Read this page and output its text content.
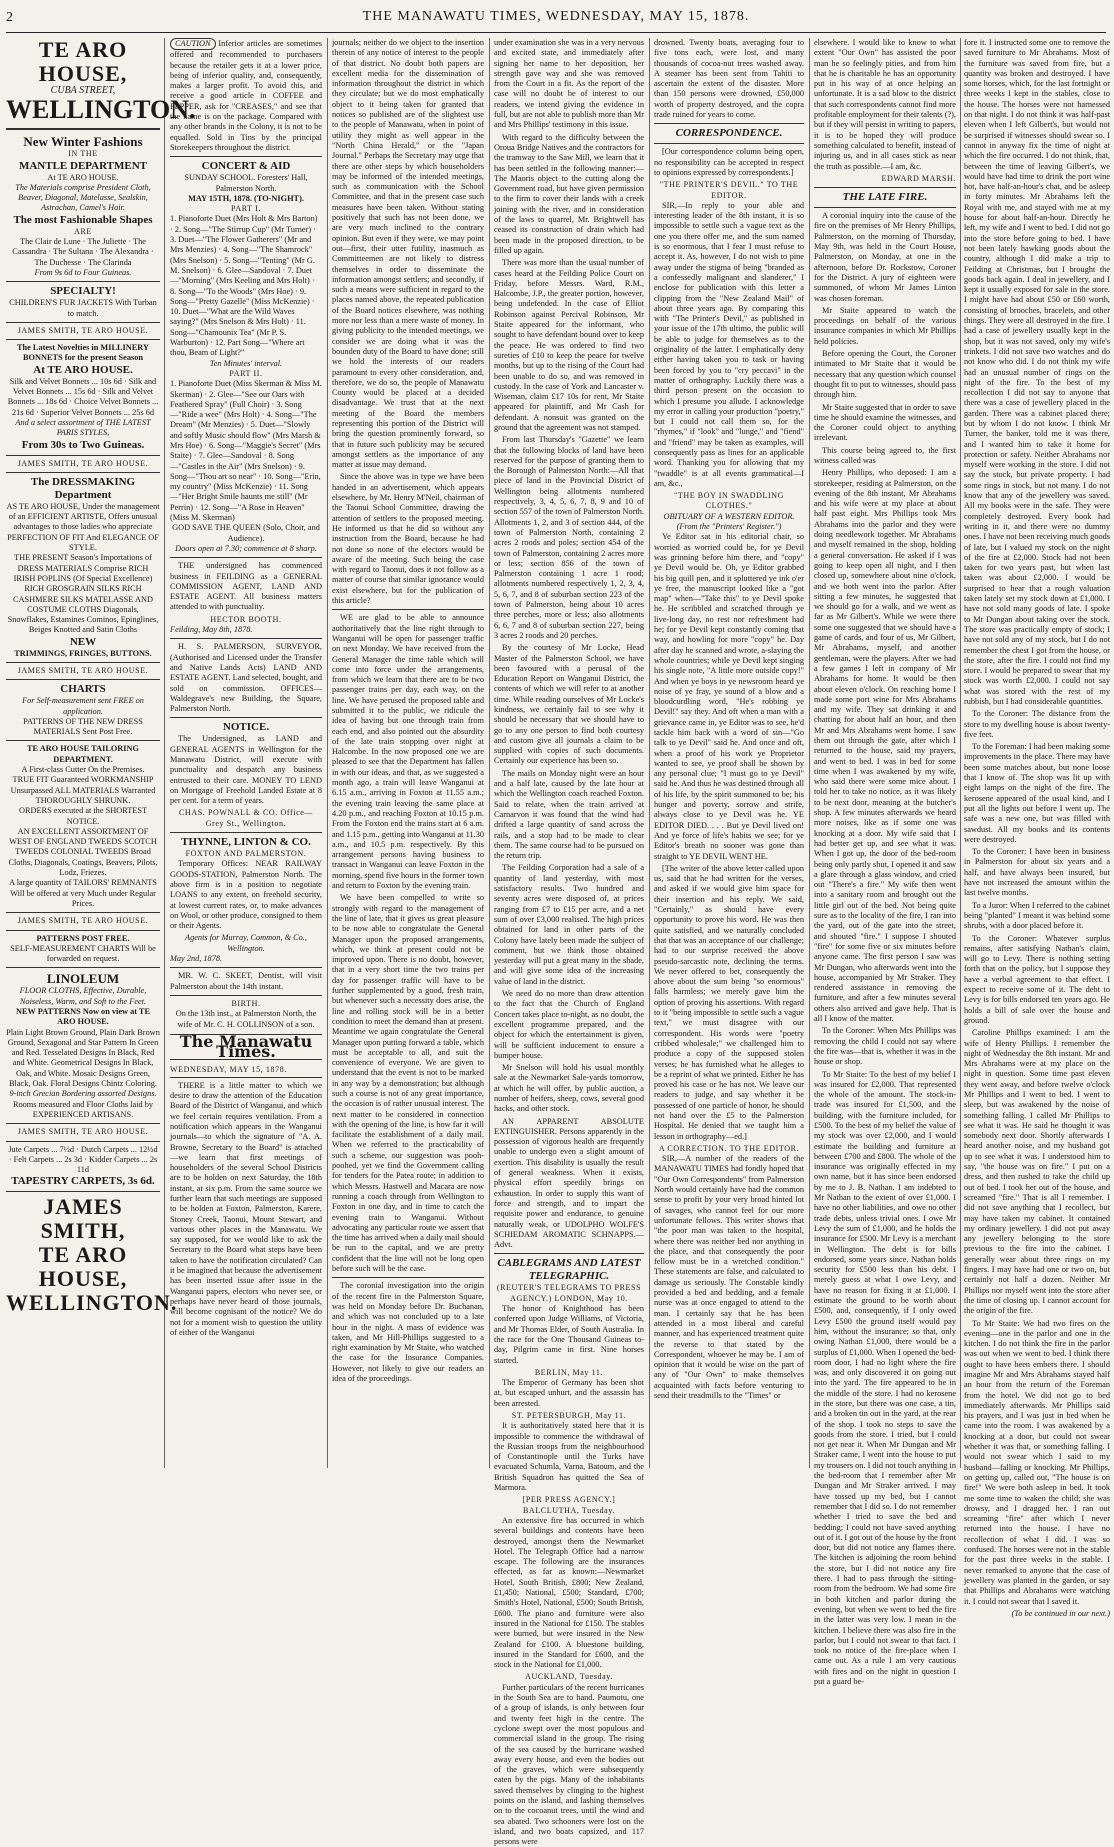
2	THE MANAWATU TIMES, WEDNESDAY, MAY 15, 1878.
TE ARO HOUSE,
CUBA STREET,
WELLINGTON.
New Winter Fashions
IN THE
MANTLE DEPARTMENT
At TE ARO HOUSE.
The Materials comprise President Cloth, Beaver, Diagonal, Matelasse, Sealskin, Astrachan, Camel's Hair.
The most Fashionable Shapes
ARE
The Clair de Lune · The Juliette · The Cassandra · The Sultana · The Alexandra · The Duchesse · The Clarinda
From 9s 6d to Four Guineas.
SPECIALTY!
CHILDREN'S FUR JACKETS With Turban to match.
JAMES SMITH, TE ARO HOUSE.
The Latest Novelties in MILLINERY BONNETS for the present Season
At TE ARO HOUSE.
Silk and Velvet Bonnets ... 10s 6d · Silk and Velvet Bonnets ... 15s 6d · Silk and Velvet Bonnets ... 18s 6d · Choice Velvet Bonnets ... 21s 6d · Superior Velvet Bonnets ... 25s 6d
And a select assortment of THE LATEST PARIS STYLES,
From 30s to Two Guineas.
JAMES SMITH, TE ARO HOUSE.
The DRESSMAKING Department
AS TE ARO HOUSE, Under the management of an EFFICIENT ARTISTE, Offers unusual advantages to those ladies who appreciate PERFECTION OF FIT And ELEGANCE OF STYLE.
THE PRESENT Season's Importations of DRESS MATERIALS Comprise RICH IRISH POPLINS (Of Special Excellence) RICH GROSGRAIN SILKS RICH CASHMERE SILKS MATELASSE AND COSTUME CLOTHS Diagonals, Snowflakes, Estamines Cominos, Epinglines, Beiges Knotted and Satin Cloths
NEW
TRIMMINGS, FRINGES, BUTTONS.
JAMES SMITH, TE ARO HOUSE.
CHARTS
For Self-measurement sent FREE on application.
PATTERNS OF THE NEW DRESS MATERIALS Sent Post Free.
TE ARO HOUSE TAILORING DEPARTMENT.
A First-class Cutter On the Premises.
TRUE FIT Guaranteed WORKMANSHIP Unsurpassed ALL MATERIALS Warranted THOROUGHLY SHRUNK.
ORDERS executed at the SHORTEST NOTICE.
AN EXCELLENT ASSORTMENT OF WEST OF ENGLAND TWEEDS SCOTCH TWEEDS COLONIAL TWEEDS Broad Cloths, Diagonals, Coatings, Beavers, Pilots, Lodz, Friezes.
A large quantity of TAILORS' REMNANTS Will be offered at very Much under Regular Prices.
JAMES SMITH, TE ARO HOUSE.
PATTERNS POST FREE.
SELF-MEASUREMENT CHARTS Will be forwarded on request.
LINOLEUM
FLOOR CLOTHS, Effective, Durable, Noiseless, Warm, and Soft to the Feet.
NEW PATTERNS Now on view at TE ARO HOUSE.
Plain Light Brown Ground, Plain Dark Brown Ground, Sexagonal and Star Pattern In Green and Red. Tesselated Designs In Black, Red and White. Geometrical Designs In Black, Oak, and White. Mosaic Designs Green, Black, Oak. Floral Designs Chintz Coloring.
9-inch Grecian Bordering assorted Designs.
Rooms measured and Floor Cloths laid by EXPERIENCED ARTISANS.
JAMES SMITH, TE ARO HOUSE.
Jute Carpets ... 7½d · Dutch Carpets ... 12½d · Felt Carpets ... 2s 3d · Kidder Carpets ... 2s 11d
TAPESTRY CARPETS, 3s 6d.
JAMES SMITH,
TE ARO HOUSE,
WELLINGTON.

CAUTION Inferior articles are sometimes offered and recommended to purchasers because the retailer gets it at a lower price, being of inferior quality, and, consequently, makes a larger profit. To avoid this, and receive a good article in COFFEE and PEPPER, ask for "CREASES," and see that the name is on the package. Compared with any other brands in the Colony, it is not to be equalled. Sold in Tins by the principal Storekeepers throughout the district.

CONCERT & AID
SUNDAY SCHOOL. Foresters' Hall, Palmerston North.
MAY 15TH, 1878. (TO-NIGHT).
PART I.
1. Pianoforte Duet (Mrs Holt & Mrs Barton) · 2. Song—"The Stirrup Cup" (Mr Turner) · 3. Duet—"The Flower Gatherers" (Mr and Mrs Menzies) · 4. Song—"The Shamrock" (Mrs Snelson) · 5. Song—"Tenting" (Mr G. M. Snelson) · 6. Glee—Sandoval · 7. Duet—"Morning" (Mrs Keeling and Mrs Holt) · 8. Song—"To the Woods" (Mrs Hoe) · 9. Song—"Pretty Gazelle" (Miss McKenzie) · 10. Duet—"What are the Wild Waves saying?" (Mrs Snelson & Mrs Holt) · 11. Song—"Chamounix Tea" (Mr P. S. Warburton) · 12. Part Song—"Where art thou, Beam of Light?"
Ten Minutes' interval.
PART II.
1. Pianoforte Duet (Miss Skerman & Miss M. Skerman) · 2. Glee—"See our Oars with Feathered Spray" (Full Choir) · 3. Song—"Ride a wee" (Mrs Holt) · 4. Song—"The Dream" (Mr Menzies) · 5. Duet—"Slowly and softly Music should flow" (Mrs Marsh & Mrs Hoe) · 6. Song—"Maggie's Secret" (Mrs Staite) · 7. Glee—Sandoval · 8. Song—"Castles in the Air" (Mrs Snelson) · 9. Song—"Thou art so near" · 10. Song—"Erin, my country" (Miss McKenzie) · 11. Song—"Her Bright Smile haunts me still" (Mr Perrin) · 12. Song—"A Rose in Heaven" (Miss M. Skerman)
GOD SAVE THE QUEEN (Solo, Choir, and Audience).
Doors open at 7.30; commence at 8 sharp.

THE undersigned has commenced business in FEILDING as a GENERAL COMMISSION AGENT, LAND AND ESTATE AGENT. All business matters attended to with punctuality.

HECTOR BOOTH.
Feilding, May 8th, 1878.

H. S. PALMERSON, SURVEYOR, (Authorised and Licensed under the Transfer and Native Lands Acts) LAND AND ESTATE AGENT. Land selected, bought, and sold on commission. OFFICES—Waldegrave's new Building, the Square, Palmerston North.

NOTICE.

The Undersigned, as LAND and GENERAL AGENTS in Wellington for the Manawatu District, will execute with punctuality and despatch any business entrusted to their care. MONEY TO LEND on Mortgage of Freehold Landed Estate at 8 per cent. for a term of years.

CHAS. POWNALL & CO. Office—Grey St., Wellington.
THYNNE, LINTON & CO.
FOXTON AND PALMERSTON.

Temporary Offices: NEAR RAILWAY GOODS-STATION, Palmerston North. The above firm is in a position to negotiate LOANS to any extent, on freehold security, at lowest current rates, or, to make advances on Wool, or other produce, consigned to them or their Agents.

Agents for Murray, Common, & Co., Wellington.
May 2nd, 1878.

MR. W. C. SKEET, Dentist, will visit Palmerston about the 14th instant.

BIRTH.
On the 13th inst., at Palmerston North, the wife of Mr. C. H. COLLINSON of a son.
The Manawatu Times.
WEDNESDAY, MAY 15, 1878.

THERE is a little matter to which we desire to draw the attention of the Education Board of the District of Wanganui, and which we feel certain requires ventilation. From a notification which appears in the Wanganui journals—to which the signature of "A. A. Browne, Secretary to the Board" is attached—we learn that first meetings of householders of the several School Districts are to be holden on next Saturday, the 18th instant, at six p.m. From the same source we further learn that such meetings are supposed to be holden at Foxton, Palmerston, Karere, Stoney Creek, Taonui, Mount Stewart, and various other places in the Manawatu. We say supposed, for we would like to ask the Secretary to the Board what steps have been taken to have the notification circulated? Can it be imagined that because the advertisement has been inserted issue after issue in the Wanganui papers, electors who never see, or perhaps have never heard of those journals, will become cognisant of the notice? We do not for a moment wish to question the utility of either of the Wanganui

journals; neither do we object to the insertion therein of any notice of interest to the people of that district. No doubt both papers are excellent media for the dissemination of information throughout the district in which they circulate; but we do most emphatically object to it being taken for granted that notices so published are of the slightest use to the people of Manawatu, when in point of utility they might as well appear in the "North China Herald," or the "Japan Journal." Perhaps the Secretary may urge that there are other steps by which householders may be informed of the intended meetings, such as communication with the School Committee, and that in the present case such measures have been taken. Without stating positively that such has not been done, we are very much inclined to the contrary opinion. But even if they were, we may point out—first, their utter futility, inasmuch as Committeemen are not likely to distress themselves in order to disseminate the information amongst settlers; and secondly, if such a means were sufficient in regard to the places named above, the repeated publication of the Board notices elsewhere, was nothing more nor less than a mere waste of money. In giving publicity to the intended meetings, we consider we are doing what it was the bounden duty of the Board to have done; still we hold the interests of our readers paramount to every other consideration, and, therefore, we do so, the people of Manawatu County would be placed at a decided disadvantage. We trust that at the next meeting of the Board the members representing this portion of the District will bring the question prominently forward, so that in future such publicity may be secured amongst settlers as the importance of any matter at issue may demand.

Since the above was in type we have been handed in an advertisement, which appears elsewhere, by Mr. Henry M'Neil, chairman of the Taonui School Committee, drawing the attention of settlers to the proposed meeting. He informed us that he did so without any instruction from the Board, because he had not done so none of the electors would be aware of the meeting. Such being the case with regard to Taonui, does it not follow as a matter of course that similar ignorance would exist elsewhere, but for the publication of this article?

WE are glad to be able to announce authoritatively that the line right through to Wanganui will be open for passenger traffic on next Monday. We have received from the General Manager the time table which will come into force under the arrangements, from which we learn that there are to be two passenger trains per day, each way, on the line. We have perused the proposed table and submitted it to the public, we ridicule the idea of having but one through train from each end, and also pointed out the absurdity of the late train stopping over night at Halcombe. In the now proposed one we are pleased to see that the Department has fallen in with our ideas, and that, as we suggested a month ago, a train will leave Wanganui at 6.15 a.m., arriving in Foxton at 11.55 a.m.; the evening train leaving the same place at 4.20 p.m., and reaching Foxton at 10.15 p.m. From the Foxton end the trains start at 6 a.m. and 1.15 p.m., getting into Wanganui at 11.30 a.m., and 10.5 p.m. respectively. By this arrangement persons having business to transact in Wanganui can leave Foxton in the morning, spend five hours in the former town and return to Foxton by the evening train.

We have been compelled to write so strongly with regard to the management of the line of late, that it gives us great pleasure to be now able to congratulate the General Manager upon the proposed arrangements, which, we think at present could not be improved upon. There is no doubt, however, that in a very short time the two trains per day for passenger traffic will have to be further supplemented by a good, fresh train, but whenever such a necessity does arise, the line and rolling stock will be in a better condition to meet the demand than at present. Meantime we again congratulate the General Manager upon putting forward a table, which must be acceptable to all, and suit the convenience of everyone. We are given to understand that the event is not to be marked in any way by a demonstration; but although such a course is not of any great importance, the occasion is of rather unusual interest. The next matter to be considered in connection with the opening of the line, is how far it will facilitate the establishment of a daily mail. When we referred to the practicability of such a scheme, our suggestion was pooh-poohed, yet we find the Government calling for tenders for the Patea route; in addition to which Messrs. Hastwell and Macara are now running a coach through from Wellington to Foxton in one day, and in time to catch the evening train to Wanganui. Without advocating any particular route we assert that the time has arrived when a daily mail should be run to the capital, and we are pretty confident that the line will not be long open before such will be the case.

The coronial investigation into the origin of the recent fire in the Palmerston Square, was held on Monday before Dr. Buchanan, and which was not concluded up to a late hour in the night. A mass of evidence was taken, and Mr Hill-Phillips suggested to a right examination by Mr Staite, who watched the case for the Insurance Companies. However, not likely to give our readers an idea of the proceedings.

under examination she was in a very nervous and excited state, and immediately after signing her name to her deposition, her strength gave way and she was removed from the Court in a fit. As the report of the case will no doubt be of interest to our readers, we intend giving the evidence in full, but are not able to publish more than Mr and Mrs Phillips' testimony in this issue.

With regard to the difficulty between the Oroua Bridge Natives and the contractors for the tramway to the Saw Mill, we learn that it has been settled in the following manner:—The Maoris object to the cutting along the Government road, but have given permission to the firm to cover their lands with a creek joining with the river, and in consideration of the laws to quarrel, Mr. Brightwell has ceased its construction of drain which had been made in the proposed direction, to be filled up again.

There was more than the usual number of cases heard at the Feilding Police Court on Friday, before Messrs. Ward, R.M., Halcombe, J.P., the greater portion, however, being undefended. In the case of Elliot Robinson against Percival Robinson, Mr Staite appeared for the informant, who sought to have defendant bound over to keep the peace. He was ordered to find two sureties of £10 to keep the peace for twelve months, but up to the rising of the Court had been unable to do so, and was removed in custody. In the case of York and Lancaster v. Wiseman, claim £17 10s for rent, Mr Staite appeared for plaintiff, and Mr Cash for defendant. A nonsuit was granted on the ground that the agreement was not stamped.

From last Thursday's "Gazette" we learn that the following blocks of land have been reserved for the purpose of granting them to the Borough of Palmerston North:—All that piece of land in the Provincial District of Wellington being allotments numbered respectively, 3, 4, 5, 6, 7, 8, 9 and 10 of section 557 of the town of Palmerston North. Allotments 1, 2, and 3 of section 444, of the town of Palmerston North, containing 2 acres 2 roods and poles; section 454 of the town of Palmerston, containing 2 acres more or less; section 856 of the town of Palmerston containing 1 acre 1 rood; allotments numbered respectively 1, 2, 3, 4, 5, 6, 7, and 8 of suburban section 223 of the town of Palmerston, being about 10 acres three perches, more or less; also allotments 6, 6, 7 and 8 of suburban section 227, being 3 acres 2 roods and 20 perches.

By the courtesy of Mr Locke, Head Master of the Palmerston School, we have been favoured with a perusal of the Education Report on Wanganui District, the contents of which we will refer to at another time. While reading ourselves of Mr Locke's kindness, we certainly fail to see why it should be necessary that we should have to go to any one person to find both courtesy and custom give all journals a claim to be supplied with copies of such documents. Certainly our experience has been so.

The mails on Monday night were an hour and a half late, caused by the late hour at which the Wellington coach reached Foxton. Said to relate, when the train arrived at Carnarvon it was found that the wind had drifted a large quantity of sand across the rails, and a stop had to be made to clear them. The same course had to be pursued on the return trip.

The Feilding Corporation had a sale of a quantity of land yesterday, with most satisfactory results. Two hundred and seventy acres were disposed of, at prices ranging from £7 to £15 per acre, and a net sum of over £3,000 realised. The high prices obtained for land in other parts of the Colony have lately been made the subject of comment, but we think those obtained yesterday will put a great many in the shade, and will give some idea of the increasing value of land in the district.

We need do no more than draw attention to the fact that the Church of England Concert takes place to-night, as no doubt, the excellent programme prepared, and the object for which the entertainment is given, will be sufficient inducement to ensure a bumper house.

Mr Snelson will hold his usual monthly sale at the Newmarket Sale-yards tomorrow, at which he will offer, by public auction, a number of heifers, sheep, cows, several good hacks, and other stock.

AN APPARENT ABSOLUTE EXTINGUISHER. Persons apparently in the possession of vigorous health are frequently unable to undergo even a slight amount of exertion. This disability is usually the result of general weakness. When it exists, physical effort speedily brings on exhaustion. In order to supply this want of force and strength, and to impart the requisite power and endurance, to genuine naturally weak, or UDOLPHO WOLFE'S SCHIEDAM AROMATIC SCHNAPPS.—Advt.

CABLEGRAMS AND LATEST TELEGRAPHIC.
(REUTER'S TELEGRAMS TO PRESS AGENCY.) LONDON, May 10.

The honor of Knighthood has been conferred upon Judge Williams, of Victoria, and Mr Thomas Elder, of South Australia. In the race for the One Thousand Guineas to-day, Pilgrim came in first. Nine horses started.

BERLIN, May 11.

The Emperor of Germany has been shot at, but escaped unhurt, and the assassin has been arrested.

ST. PETERSBURGH, May 11.

It is authoritatively stated here that it is impossible to commence the withdrawal of the Russian troops from the neighbourhood of Constantinople until the Turks have evacuated Schumla, Varna, Batoum, and the British Squadron has quitted the Sea of Marmora.

[PER PRESS AGENCY.] BALCLUTHA, Tuesday.

An extensive fire has occurred in which several buildings and contents have been destroyed, amongst them the Newmarket Hotel. The Telegraph Office had a narrow escape. The following are the insurances effected, as far as known:—Newmarket Hotel, South British, £800; New Zealand, £1,450; National, £500; Standard, £700; Smith's Hotel, National, £500; South British, £600. The piano and furniture were also insured in the National for £150. The stables were burned, but were insured in the New Zealand for £100. A bluestone building, insured in the Standard for £600, and the stock in the National for £1,000.

AUCKLAND, Tuesday.

Further particulars of the recent hurricanes in the South Sea are to hand. Paumotu, one of a group of islands, is only between four and twenty feet high in the centre. The cyclone swept over the most populous and commercial island in the group. The rising of the sea caused by the hurricane washed away every house, and even the bodies out of the graves, which were subsequently eaten by the pigs. Many of the inhabitants saved themselves by clinging to the highest points on the island, and lashing themselves on to the cocoanut trees, until the wind and sea abated. Two schooners were lost on the island, and two boats capsized, and 117 persons were

drowned. Twenty boats, averaging four to five tons each, were lost, and many thousands of cocoa-nut trees washed away. A steamer has been sent from Tahiti to ascertain the extent of the disaster. More than 150 persons were drowned, £50,000 worth of property destroyed, and the copra trade ruined for years to come.

CORRESPONDENCE.

[Our correspondence column being open, no responsibility can be accepted in respect to opinions expressed by correspondents.]

"THE PRINTER'S DEVIL." TO THE EDITOR.

SIR,—In reply to your able and interesting leader of the 8th instant, it is so impossible to settle such a vague text as the one you there offer me, and the sum named is so enormous, that I fear I must refuse to accept it. As, however, I do not wish to pine away under the stigma of being "branded as a confessedly malignant and slanderer," I enclose for publication with this letter a clipping from the "New Zealand Mail" of about three years ago. By comparing this with "The Printer's Devil," as published in your issue of the 17th ultimo, the public will be able to judge for themselves as to the originality of the latter. I emphatically deny either having taken you to task or having been forced by you to "cry peccavi" in the matter of orthography. Luckily there was a third person present on the occasion to which I presume you allude. I acknowledge my error in calling your production "poetry," but I could not call them so, for the "rhymes," if "look" and "lunge," and "fiend" and "friend" may be taken as examples, will consequently pass as lines for an applicable word. Thanking you for allowing that my "twaddle" is at all events grammatical—I am, &c.,

"THE BOY IN SWADDLING CLOTHES."
OBITUARY OF A WESTERN EDITOR. (From the "Printers' Register.")

Ye Editor sat in his editorial chair, so worried as worried could be, for ye Devil was grinning before him there, and "copy" ye Devil would be. Oh, ye Editor grabbed his big quill pen, and it spluttered ye ink o'er ye free, the manuscript looked like a "got map" when—"Take this" to ye Devil spoke he. He scribbled and scratched through ye live-long day, no rest nor refreshment had he; for ye Devil kept constantly coming that way, and howling for more "copy" he. Day after day he scanned and wrote, a-slaying the whole countries; while ye Devil kept singing his single note, "A little more outside copy!" And when ye boys in ye newsroom heard ye noise of ye fray, ye sound of a blow and a bloodcurdling word, "He's robbing ye Devil!" say they. And oft when a man with a grievance came in, ye Editor was to see, he'd tackle him back with a word of sin—"Go talk to ye Devil" said he. And once and oft, when a proof of his work ye Proprietor wanted to see, ye proof shall be shown by any personal clue; "I must go to ye Devil" said he. And thus he was destined through all of his life, by the spirit summoned to be; his hunger and poverty, sorrow and strife, always close to ye Devil was he. YE EDITOR DIED. . . . But ye Devil lived on! And ye force of life's habits we see; for ye Editor's breath no sooner was gone than straight to YE DEVIL WENT HE.

[The writer of the above letter called upon us, said that he had written for the verses, and asked if we would give him space for their insertion and his reply. We said, "Certainly," as should have every opportunity to prove his word. He was then quite satisfied, and we naturally concluded that that was an acceptance of our challenge; had to our surprise received the above pseudo-sarcastic note, declining the terms. We never offered to bet, consequently the above about the sum being "so enormous" falls harmless; we merely gave him the option of proving his assertions. With regard to it "being impossible to settle such a vague text," we must disagree with our correspondent. His words were "poetry cribbed wholesale;" we challenged him to produce a copy of the supposed stolen verses; he has furnished what he alleges to be a reprint of what we printed. Either he has proved his case or he has not. We leave our readers to judge, and say whether it be possessed of one particle of honor, he should not hand over the £5 to the Palmerston Hospital. He denied that we taught him a lesson in orthography—ed.]

A CORRECTION. TO THE EDITOR.

SIR,—A number of the readers of the MANAWATU TIMES had fondly hoped that "Our Own Correspondents" from Palmerston North would certainly have had the common sense to profit by your very broad hinted lot of savages, who cannot feel for our more unfortunate fellows. This writer shows that "the poor man was taken to the hospital, where there was neither bed nor anything in the place, and that consequently the poor fellow must be in a wretched condition." These statements are false, and calculated to damage us seriously. The Constable kindly provided a bed and bedding, and a female nurse was at once engaged to attend to the man. I certainly say that he has been attended in a most liberal and careful manner, and has experienced treatment quite the reverse to that stated by the Correspondent, whoever he may be. I am of opinion that it would be wise on the part of any of "Our Own" to make themselves acquainted with facts before venturing to send their treadmills to the "Times" or

elsewhere. I would like to know to what extent "Our Own" has assisted the poor man he so feelingly pities, and from him that he is charitable he has an opportunity put in his way of at once helping an unfortunate. It is a sad blow to the district that such correspondents cannot find more profitable employment for their talents (?), but if they will persist in writing to papers, it is to be hoped they will produce something calculated to benefit, instead of injuring us, and in all cases stick as near the truth as possible.—I am, &c.

EDWARD MARSH.
THE LATE FIRE.

A coronial inquiry into the cause of the fire on the premises of Mr Henry Phillips, Palmerston, on the morning of Thursday, May 9th, was held in the Court House, Palmerston, on Monday, at one in the afternoon, before Dr. Rockstow, Coroner for the District. A jury of eighteen were summoned, of whom Mr James Linton was chosen foreman.

Mr Staite appeared to watch the proceedings on behalf of the various insurance companies in which Mr Phillips held policies.

Before opening the Court, the Coroner intimated to Mr Staite that it would be necessary that any question which counsel thought fit to put to witnesses, should pass through him.

Mr Staite suggested that in order to save time he should examine the witnesses, and the Coroner could object to anything irrelevant.

This course being agreed to, the first witness called was

Henry Phillips, who deposed: I am a storekeeper, residing at Palmerston, on the evening of the 8th instant, Mr Abrahams and his wife were at my place at about half past eight. Mrs Phillips took Mrs Abrahams into the parlor and they were doing needlework together. Mr Abrahams and myself remained in the shop, holding a general conversation. He asked if I was going to keep open all night, and I then closed up, somewhere about nine o'clock, and we both went into the parlor. After sitting a few minutes, he suggested that we should go for a walk, and we went as far as Mr Gilbert's. While we were there some one suggested that we should have a game of cards, and four of us, Mr Gilbert, Mr Abrahams, myself, and another gentleman, were the players. After we had a few games I left in company of Mr Abrahams for home. It would be then about eleven o'clock. On reaching home I made some port wine for Mrs Abrahams and my wife. They sat drinking it and chatting for about half an hour, and then Mr and Mrs Abrahams went home. I saw them out through the gate, after which I returned to the house, said my prayers, and went to bed. I was in bed for some time when I was awakened by my wife, who said there were some mice about. I told her to take no notice, as it was likely to be next door, meaning at the butcher's shop. A few minutes afterwards we heard more noises, like as if some one was knocking at a door. My wife said that I had better get up, and see what it was. When I got up, the door of the bed-room being only partly shut, I opened it and saw a glare through a glass window, and cried out "There's a fire." My wife then went into a sanitary room and brought out the little girl out of the bed. Not being quite sure as to the locality of the fire, I ran into the yard, out of the gate into the street, and shouted "fire." I suppose I shouted "fire" for some five or six minutes before anyone came. The first person I saw was Mr Dungan, who afterwards went into the house, accompanied by Mr Straker. They rendered assistance in removing the furniture, and after a few minutes several others also arrived and gave help. That is all I know of the matter.

To the Coroner: When Mrs Phillips was removing the child I could not say where the fire was—that is, whether it was in the house or shop.

To Mr Staite: To the best of my belief I was insured for £2,000. That represented the whole of the amount. The stock-in-trade was insured for £1,500, and the building, with the furniture included, for £500. To the best of my belief the value of my stock was over £2,000, and I would estimate the building and furniture at between £700 and £800. The whole of the insurance was originally effected in my own name, but it has since been endorsed by me to J. B. Nathan. I am indebted to Mr Nathan to the extent of over £1,000. I have no other liabilities, and owe no other trade debts, unless trivial ones. I owe Mr Levy the sum of £1,000, and he holds the insurance for £500. Mr Levy is a merchant in Wellington. The debt is for bills endorsed, some years since. Nathan holds security for £500 less than his debt. I merely guess at what I owe Levy, and have no reason for fixing it at £1,000. I estimate the ground to be worth about £500, and, consequently, if I only owed Levy £500 the ground itself would pay him, without the insurance; so that, only owing Nathan £1,000, there would be a surplus of £1,000. When I opened the bed-room door, I had no light where the fire was, and only discovered it on going out into the yard. The fire appeared to be in the middle of the store. I had no kerosene in the store, but there was one case, a tin, and a broken tin out in the yard, at the rear of the shop. I took no steps to save the goods from the store. I tried, but I could not get near it. When Mr Dungan and Mr Straker came, I went into the house to put my trousers on. I did not touch anything in the bed-room that I remember after Mr Dungan and Mr Straker arrived. I may have tossed up my bed, but I cannot remember that I did so. I do not remember whether I tried to save the bed and bedding; I could not have saved anything out of it. I got out of the house by the front door, but did not notice any flames there. The kitchen is adjoining the room behind the store, but I did not notice any fire there. I had to pass through the sitting-room from the bedroom. We had some fire in both kitchen and parlor during the evening, but when we went to bed the fire in the latter was very low. I mean in the kitchen. I believe there was also fire in the parlor, but I could not swear to that fact. I took no notice of the fire-place when I came out. As a rule I am very cautious with fires and on the night in question I put a guard be-

fore it. I instructed some one to remove the saved furniture to Mr Abrahams. Most of the furniture was saved from fire, but a quantity was broken and destroyed. I have some horses, which, for the last fortnight or three weeks I kept in the stables, close to the house. The horses were not harnessed on that night. I do not think it was half-past eleven when I left Gilbert's, but would not be surprised if witnesses should swear so. I cannot in anyway fix the time of night at which the fire occurred. I do not think, that, between the time of leaving Gilbert's, we would have had time to drink the port wine hot, have half-an-hour's chat, and be asleep in forty minutes. Mr Abrahams left the Royal with me, and stayed with me at my house for about half-an-hour. Directly he left, my wife and I went to bed. I did not go into the store before going to bed. I have not been lately hawking goods about the country, although I did make a trip to Feilding at Christmas, but I brought the goods back again. I deal in jewellery, and I kept it usually exposed for sale in the store. I might have had about £50 or £60 worth, consisting of brooches, bracelets, and other things. They were all destroyed in the fire. I had a case of jewellery usually kept in the shop, but it was not saved, only my wife's trinkets. I did not save two watches and do not know who did. I do not think my wife had an unusual number of rings on the night of the fire. To the best of my recollection I did not say to anyone that there was a case of jewellery placed in the garden. There was a cabinet placed there; but by whom I do not know. I think Mr Turner, the banker, told me it was there, and I wanted him to take it home for protection or safety. Neither Abrahams nor myself were working in the store. I did not say the stock, but private property. I had some rings in stock, but not many. I do not know that any of the jewellery was saved. All my books were in the safe. They were completely destroyed. Every book had writing in it, and there were no dummy ones. I have not been receiving much goods of late, but I valued my stock on the night of the fire at £2,000. Stock had not been taken for two years past, but when last taken was about £2,000. I would be surprised to hear that a rough valuation taken lately set my stock down at £1,000. I have not sold many goods of late. I spoke to Mr Dungan about taking over the stock. The store was practically empty of stock; I have not sold any of my stock, but I do not remember the chest I got from the house, or the store, after the fire. I could not find my store. I would be prepared to swear that my stock was worth £2,000. I could not say what was stored with the rest of my rubbish, but I had considerable quantities.

To the Coroner: The distance from the store to my dwelling house is about twenty-five feet.

To the Foreman: I had been making some improvements in the place. There may have been some matches about, but none loose that I know of. The shop was lit up with eight lamps on the night of the fire. The kerosene appeared of the usual kind, and I put all the lights out before I went up. The safe was a new one, but was filled with sawdust. All my books and its contents were destroyed.

To the Coroner: I have been in business in Palmerston for about six years and a half, and have always been insured, but have not increased the amount within the last twelve months.

To a Juror: When I referred to the cabinet being "planted" I meant it was behind some shrubs, with a door placed before it.

To the Coroner: Whatever surplus remains, after satisfying Nathan's claim, will go to Levy. There is nothing setting forth that on the policy, but I suppose they have a verbal agreement to that effect. I expect to receive some of it. The debt to Levy is for bills endorsed ten years ago. He holds a bill of sale over the house and ground.

Caroline Phillips examined: I am the wife of Henry Phillips. I remember the night of Wednesday the 8th instant. Mr and Mrs Abrahams were at my place on the night in question. Some time past eleven they went away, and before twelve o'clock Mr Phillips and I went to bed. I went to sleep, but was awakened by the noise of something falling. I called Mr Phillips to see what it was. He said he thought it was somebody next door. Shortly afterwards I heard another noise, and my husband got up to see what it was. I understood him to say, "the house was on fire." I put on a dress, and then rushed to take the child up out of bed. I took her out of the house, and screamed "fire." That is all I remember. I did not save anything that I recollect, but may have taken my cabinet. It contained my ordinary jewellery. I did not put away any jewellery belonging to the store previous to the fire into the cabinet. I generally wear about three rings on my fingers. I may have had one or two on, but certainly not half a dozen. Neither Mr Phillips nor myself went into the store after the time of closing up. I cannot account for the origin of the fire.

To Mr Staite: We had two fires on the evening—one in the parlor and one in the kitchen. I do not think the fire in the parlor was out when we went to bed. I think there ought to have been embers there. I should imagine Mr and Mrs Abrahams stayed half an hour from the return of the Foreman from the hotel. We did not go to bed immediately afterwards. Mr Phillips said his prayers, and I was just in bed when he came into the room. I was awakened by a knocking at a door, but could not swear whether it was that, or something falling. I would not swear which I said to my husband—falling or knocking. Mr Phillips, on getting up, called out, "The house is on fire!" We were both asleep in bed. It took me some time to waken the child; she was drowsy, and I dragged her. I ran out screaming "fire" after which I never returned into the house. I have no recollection of what I did. I was so confused. The horses were not in the stable for the past three weeks in the stable. I never remarked to anyone that the case of jewellery was planted in the garden, or say that Phillips and Abrahams were watching it. I could not swear that I saved it.

(To be continued in our next.)
